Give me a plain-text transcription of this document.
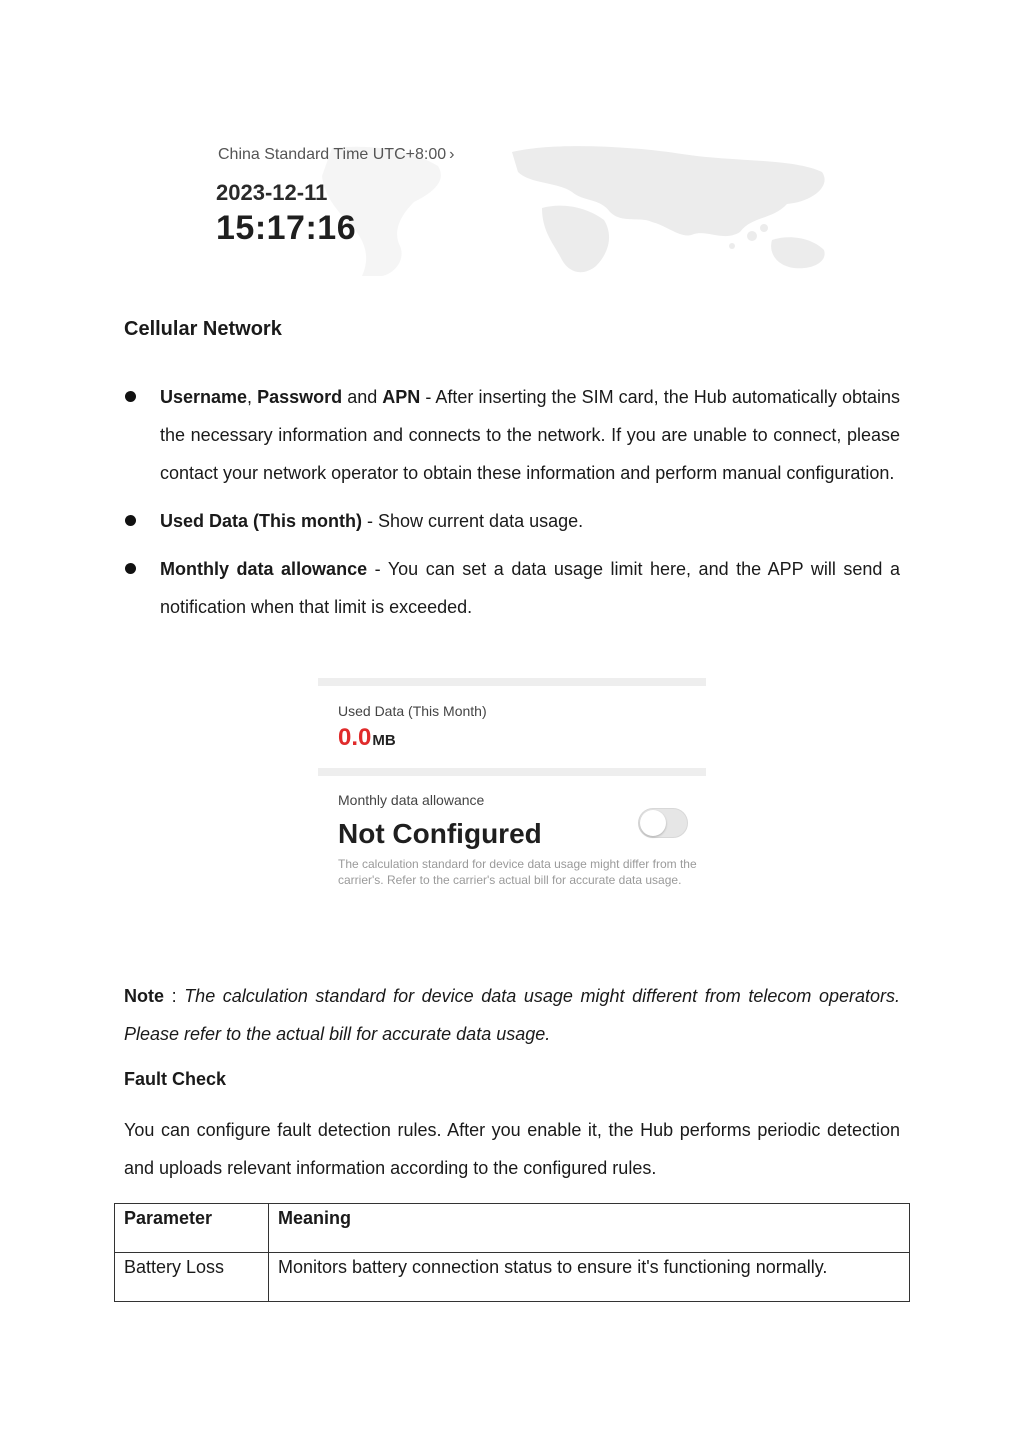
China Standard Time UTC+8:00 ›
2023-12-11
15:17:16
Cellular Network
Username, Password and APN - After inserting the SIM card, the Hub automatically obtains the necessary information and connects to the network. If you are unable to connect, please contact your network operator to obtain these information and perform manual configuration.
Used Data (This month) - Show current data usage.
Monthly data allowance - You can set a data usage limit here, and the APP will send a notification when that limit is exceeded.
Used Data (This Month)
0.0MB
Monthly data allowance
Not Configured
The calculation standard for device data usage might differ from the carrier's. Refer to the carrier's actual bill for accurate data usage.

Note : The calculation standard for device data usage might different from telecom operators. Please refer to the actual bill for accurate data usage.

Fault Check

You can configure fault detection rules. After you enable it, the Hub performs periodic detection and uploads relevant information according to the configured rules.

Parameter	Meaning
Battery Loss	Monitors battery connection status to ensure it's functioning normally.
